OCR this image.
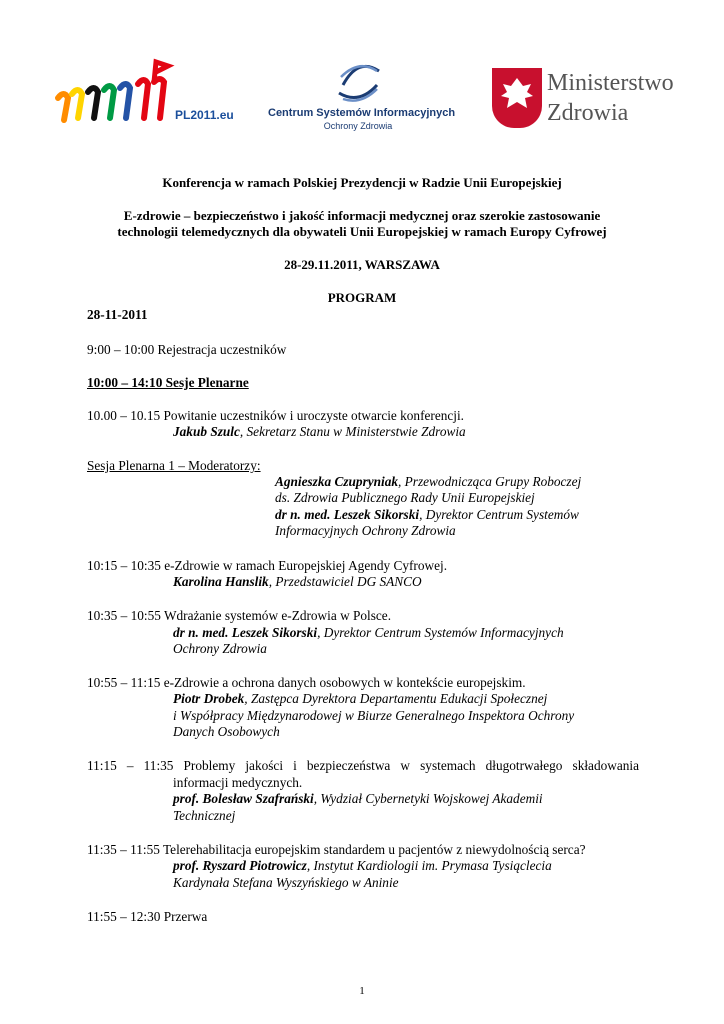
PL2011.eu	Centrum Systemów Informacyjnych
Ochrony Zdrowia
Ministerstwo
Zdrowia
Konferencja w ramach Polskiej Prezydencji w Radzie Unii Europejskiej
E-zdrowie – bezpieczeństwo i jakość informacji medycznej oraz szerokie zastosowanie
technologii telemedycznych dla obywateli Unii Europejskiej w ramach Europy Cyfrowej
28-29.11.2011, WARSZAWA
PROGRAM
28-11-2011
9:00 – 10:00 Rejestracja uczestników
10:00 – 14:10 Sesje Plenarne
10.00 – 10.15 Powitanie uczestników i uroczyste otwarcie konferencji.
Jakub Szulc, Sekretarz Stanu w Ministerstwie Zdrowia
Sesja Plenarna 1 – Moderatorzy:
Agnieszka Czupryniak, Przewodnicząca Grupy Roboczej
ds. Zdrowia Publicznego Rady Unii Europejskiej
dr n. med. Leszek Sikorski, Dyrektor Centrum Systemów
Informacyjnych Ochrony Zdrowia
10:15 – 10:35 e-Zdrowie w ramach Europejskiej Agendy Cyfrowej.
Karolina Hanslik, Przedstawiciel DG SANCO
10:35 – 10:55 Wdrażanie systemów e-Zdrowia w Polsce.
dr n. med. Leszek Sikorski, Dyrektor Centrum Systemów Informacyjnych
Ochrony Zdrowia
10:55 – 11:15 e-Zdrowie a ochrona danych osobowych w kontekście europejskim.
Piotr Drobek, Zastępca Dyrektora Departamentu Edukacji Społecznej
i Współpracy Międzynarodowej w Biurze Generalnego Inspektora Ochrony
Danych Osobowych
11:15 – 11:35 Problemy jakości i bezpieczeństwa w systemach długotrwałego składowania
informacji medycznych.
prof. Bolesław Szafrański, Wydział Cybernetyki Wojskowej Akademii
Technicznej
11:35 – 11:55 Telerehabilitacja europejskim standardem u pacjentów z niewydolnością serca?
prof. Ryszard Piotrowicz, Instytut Kardiologii im. Prymasa Tysiąclecia
Kardynała Stefana Wyszyńskiego w Aninie
11:55 – 12:30 Przerwa
1
